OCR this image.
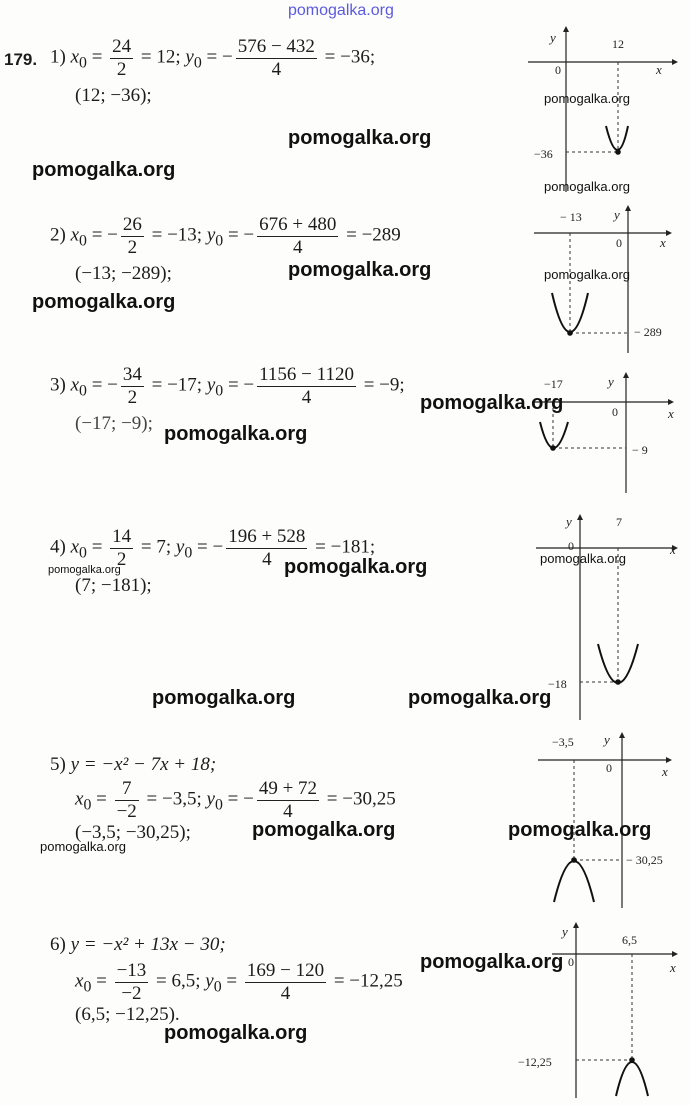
pomogalka.org
179. 1) $x_0 = \frac{24}{2} = 12$; $y_0$ = − $\frac{576 - 432}{4} = -36$;
(12; −36);
2) $x_0$ = − $\frac{26}{2} = -13$; $y_0$ = − $\frac{676 + 480}{4} = -289$
(−13; −289);
3) $x_0$ = − $\frac{34}{2} = -17$; $y_0$ = − $\frac{1156 - 1120}{4} = -9$;
(−17; −9);
4) $x_0 = \frac{14}{2} = 7$; $y_0$ = − $\frac{196 + 528}{4} = -181$;
(7; −181);
5) y = −x² − 7x + 18;
$x_0 = \frac{7}{-2} = -3,5$; $y_0$ = − $\frac{49 + 72}{4} = -30,25$
(−3,5; −30,25);
6) y = −x² + 13x − 30;
$x_0 = \frac{-13}{-2} = 6,5$; $y_0 = \frac{169 - 120}{4} = -12,25$
(6,5; −12,25).
y
x
0
12
−36
y
x
0
− 13
− 289
y
x
0
−17
− 9
y
x
0
7
−18
y
x
0
−3,5
− 30,25
y
x
0
6,5
−12,25
pomogalka.org
pomogalka.org
pomogalka.org
pomogalka.org
pomogalka.org	pomogalka.org
pomogalka.org
pomogalka.org
pomogalka.org
pomogalka.org
pomogalka.org
pomogalka.org
pomogalka.org	pomogalka.org
pomogalka.org	pomogalka.org
pomogalka.org
pomogalka.org
pomogalka.org
